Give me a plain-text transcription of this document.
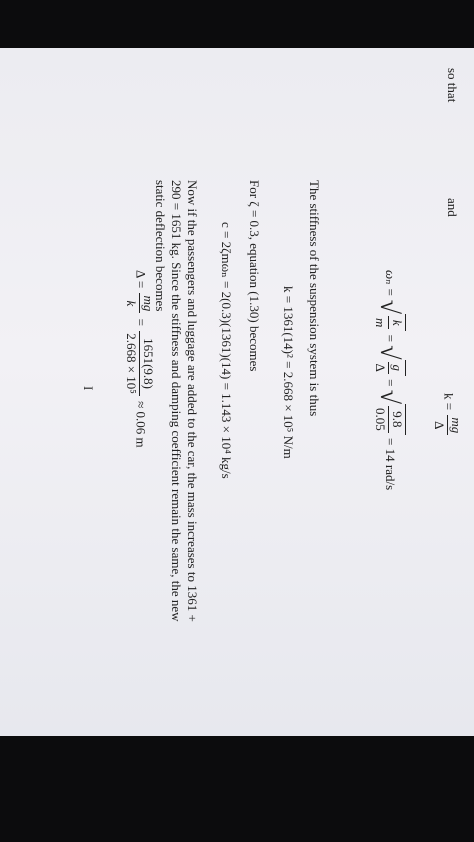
so that
k =
mg
Δ
and
ωₙ = √
k
m
= √
g
Δ
= √
9.8
0.05
= 14 rad/s
The stiffness of the suspension system is thus
k = 1361(14)² = 2.668 × 10⁵ N/m
For ζ = 0.3, equation (1.30) becomes
c = 2ζmωₙ = 2(0.3)(1361)(14) = 1.143 × 10⁴ kg/s
Now if the passengers and luggage are added to the car, the mass increases to 1361 +
290 = 1651 kg. Since the stiffness and damping coefficient remain the same, the new
static deflection becomes
Δ =
mg
k
=
1651(9.8)
2.668 × 10⁵
≈ 0.06 m
I
